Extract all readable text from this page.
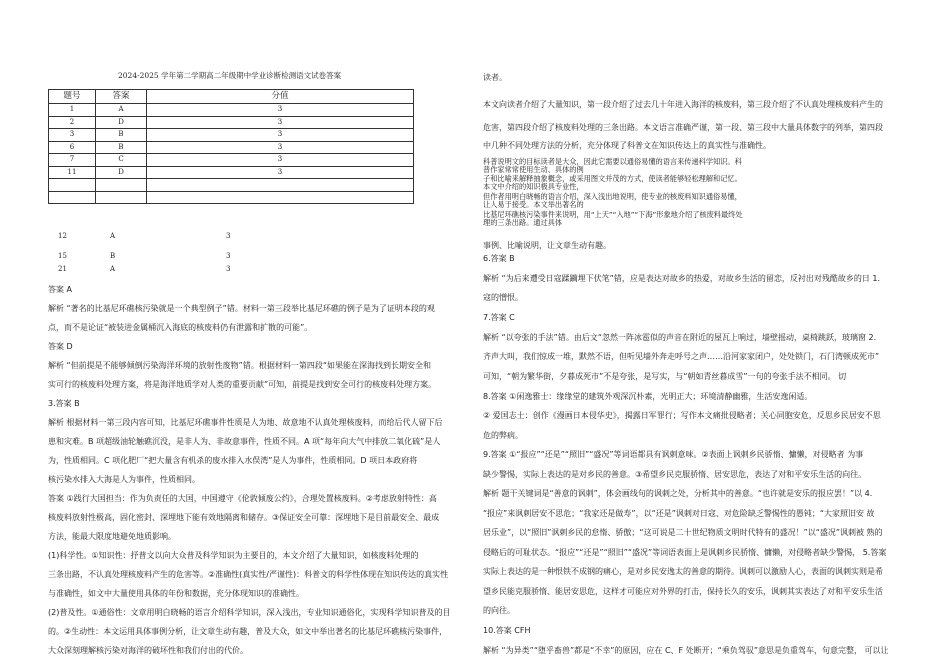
2024-2025 学年第二学期高二年级期中学业诊断检测语文试卷答案
题号	答案	分值
1	A	3
2	D	3
3	B	3
6	B	3
7	C	3
11	D	3

12	A	3
15	B	3
21	A	3
答案 A
解析 “著名的比基尼环礁核污染就是一个典型例子”错。材料一第三段举比基尼环礁的例子是为了证明本段的观
点，而不是论证“被装进金属桶沉入海底的核废料仍有泄露和扩散的可能”。
答案 D
解析 “但前提是不能够倾倒污染海洋环境的放射性废物”错。根据材料一第四段“如果能在深海找到长期安全和
实可行的核废料处理方案，将是海洋地质学对人类的重要贡献”可知，前提是找到安全可行的核废料处理方案。
3.答案 B
解析 根据材料一第三段内容可知，比基尼环礁事件性质是人为地、故意地不认真处理核废料，而给后代人留下后
患和灾难。B 项超级油轮触礁沉没，是非人为、非故意事件，性质不同。A 项“每年向大气中排放二氧化硫”是人
为，性质相同。C 项化肥厂“把大量含有机杀的废水排入水俣湾”是人为事件，性质相同。D 项日本政府将
核污染水排入大海是人为事件，性质相同。
答案 ①践行大国担当：作为负责任的大国，中国遵守《伦敦倾废公约》，合理处置核废料。②考虑放射特性：高
核废料放射性极高，固化密封、深埋地下能有效地隔离和储存。③保证安全可靠：深埋地下是目前最安全、最成
方法，能最大限度地避免地质影响。
(1)科学性。①知识性：抒普文以向大众普及科学知识为主要目的，本文介绍了大量知识，如核废料处理的
三条出路，不认真处理核废料产生的危害等。②准确性(真实性/严谨性)：科普文的科学性体现在知识传达的真实性
与准确性，如文中大量使用具体的年份和数据，充分体现知识的准确性。
(2)普及性。①通俗性：文章用明白晓畅的语言介绍科学知识，深入浅出，专业知识通俗化，实现科学知识普及的目
的。②生动性：本文运用具体事例分析，让文章生动有趣，普及大众，如文中举出著名的比基尼环礁核污染事件，
大众深刻理解核污染对海洋的破坏性和我们付出的代价。
读者。
本文向读者介绍了大量知识，第一段介绍了过去几十年进入海洋的核废料，第三段介绍了不认真处理核废料产生的
危害，第四段介绍了核废料处理的三条出路。本文语言准确严谨，第一段、第三段中大量具体数字的列举，第四段
中几种不同处理方法的分析，充分体现了科普文在知识传达上的真实性与准确性。
科普说明文的目标读者是大众，因此它需要以通俗易懂的语言来传递科学知识。科
普作家常常使用生动、具体的例
子和比喻来解释抽象概念，或采用图文并茂的方式，使读者能够轻松理解和记忆。
本文中介绍的知识极具专业性，
但作者用明白晓畅的语言介绍，深入浅出地说明，使专业的核废料知识通俗易懂，
让人易于接受。本文举出著名的
比基尼环礁核污染事件来说明，用“上天”“入地”“下海”形象地介绍了核废料最终处
理的三条出路。通过具体
事例、比喻说明，让文章生动有趣。
6.答案 B
解析 “为后来遭受日寇蹂躏埋下伏笔”错，应是表达对故乡的热爱，对故乡生活的留恋，反衬出对残酷故乡的日 1.
寇的憎恨。
7.答案 C
解析 “以夸张的手法”错。由后文“忽然一阵冰雹似的声音在附近的屋瓦上响过，墙壁摇动，桌椅跳跃，玻璃窗 2.
齐声大叫，我们惊成一堆，默然不语，但听见墙外奔走呼号之声……沿河家家闭户，处处锁门，石门湾顿成死市”
可知，“朝为繁华街，夕暮成死市”不是夸张，是写实，与“朝如青丝暮成雪”一句的夸张手法不相同。 切
8.答案 ①闲逸雅士：缘缘堂的建筑外观深沉朴素，光明正大；环境清静幽雅，生活安逸闲适。
② 爱国志士：创作《漫画日本侵华史》，揭露日军罪行；写作本文痛批侵略者；关心同胞安危，反思乡民居安不思
危的弊病。
9.答案 ①“报应”“还是”“照旧”“盛况”等词语都具有讽刺意味。②表面上讽刺乡民骄惰、慵懒，对侵略者 为事
缺少警惕，实际上表达的是对乡民的善意。③希望乡民克服骄惰、居安思危，表达了对和平安乐生活的向往。
解析 题干关键词是“善意的讽刺”，体会画线句的讽刺之处，分析其中的善意。“也许就是安乐的报应罢！”以 4.
“报应”来讽刺居安不思危；“我家还是做寿”，以“还是”讽刺对日寇、对危险缺乏警惕性的愚钝；“大家照旧安 故
居乐业”，以“照旧”讽刺乡民的怠惰、骄傲；“这可说是二十世纪物质文明时代特有的盛况！”以“盛况”讽刺被 熟的
侵略后的可耻状态。“报应”“还是”“照旧”“盛况”等词语表面上是讽刺乡民骄惰、慵懒，对侵略者缺少警惕， 5.答案
实际上表达的是一种恨铁不成钢的痛心，是对乡民安逸太的善意的期待。讽刺可以激励人心，表面的讽刺实则是希
望乡民能克服骄惰、能居安思危，这样才可能应对外界的打击，保持长久的安乐，讽刺其实表达了对和平安乐生活
的向往。
10.答案 CFH
解析 “为异类”“堕乎畜兽”都是“不幸”的原因，应在 C、F 处断开；“乘负驾驭”意思是负重驾车，句意完整， 可以让
